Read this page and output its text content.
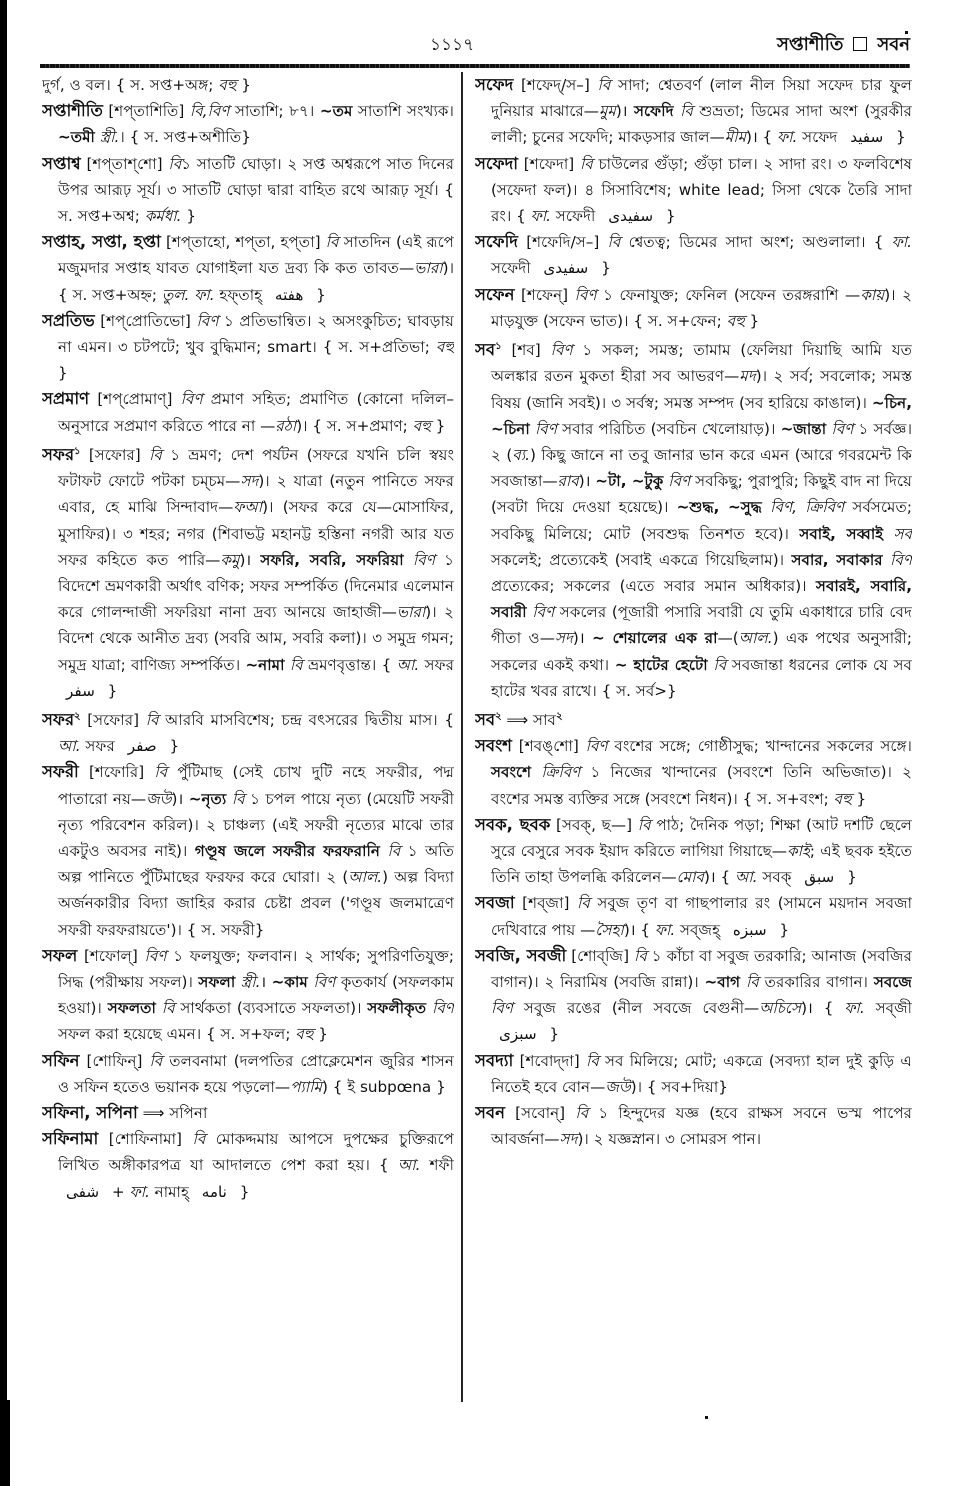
১১১৭	সপ্তাশীতি সবন

দুর্গ, ও বল। { স. সপ্ত+অঙ্গ; বহু }

সপ্তাশীতি [শপ্‌তাশিতি] বি,বিণ সাতাশি; ৮৭। ~তম সাতাশি সংখ্যক। ~তমী স্ত্রী.। { স. সপ্ত+অশীতি}

সপ্তাশ্ব [শপ্‌তাশ্‌শো] বি১ সাতটি ঘোড়া। ২ সপ্ত অশ্বরূপে সাত দিনের উপর আরূঢ় সূর্য। ৩ সাতটি ঘোড়া দ্বারা বাহিত রথে আরূঢ় সূর্য। { স. সপ্ত+অশ্ব; কর্মধা. }

সপ্তাহ, সপ্তা, হপ্তা [শপ্‌তাহো, শপ্‌তা, হপ্‌তা] বি সাতদিন (এই রূপে মজুমদার সপ্তাহ যাবত যোগাইলা যত দ্রব্য কি কত তাবত—ভারা)। { স. সপ্ত+অহ্ন; তুল. ফা. হফ্‌তাহ্‌ هفته }

সপ্রতিভ [শপ্‌প্রোতিভো] বিণ ১ প্রতিভান্বিত। ২ অসংকুচিত; ঘাবড়ায় না এমন। ৩ চটপটে; খুব বুদ্ধিমান; smart। { স. স+প্রতিভা; বহু }

সপ্রমাণ [শপ্‌প্রোমাণ্‌] বিণ প্রমাণ সহিত; প্রমাণিত (কোনো দলিল–অনুসারে সপ্রমাণ করিতে পারে না —রঠা)। { স. স+প্রমাণ; বহু }

সফর$^১$ [সফোর] বি ১ ভ্রমণ; দেশ পর্যটন (সফরে যখনি চলি স্বয়ং ফটাফট ফোটে পটকা চম্‌চম—সদ)। ২ যাত্রা (নতুন পানিতে সফর এবার, হে মাঝি সিন্দাবাদ—ফআ)। (সফর করে যে—মোসাফির, মুসাফির)। ৩ শহর; নগর (শিবাভট্ট মহানট্ট হস্তিনা নগরী আর যত সফর কহিতে কত পারি—কমু)। সফরি, সবরি, সফরিয়া বিণ ১ বিদেশে ভ্রমণকারী অর্থাৎ বণিক; সফর সম্পর্কিত (দিনেমার এলেমান করে গোলন্দাজী সফরিয়া নানা দ্রব্য আনয়ে জাহাজী—ভারা)। ২ বিদেশ থেকে আনীত দ্রব্য (সবরি আম, সবরি কলা)। ৩ সমুদ্র গমন; সমুদ্র যাত্রা; বাণিজ্য সম্পর্কিত। ~নামা বি ভ্রমণবৃত্তান্ত। { আ. সফর سفر }

সফর$^২$ [সফোর] বি আরবি মাসবিশেষ; চন্দ্র বৎসরের দ্বিতীয় মাস। { আ. সফর صفر }

সফরী [শফোরি] বি পুঁটিমাছ (সেই চোখ দুটি নহে সফরীর, পদ্ম পাতারো নয়—জউ)। ~নৃত্য বি ১ চপল পায়ে নৃত্য (মেয়েটি সফরী নৃত্য পরিবেশন করিল)। ২ চাঞ্চল্য (এই সফরী নৃত্যের মাঝে তার একটুও অবসর নাই)। গণ্ডূষ জলে সফরীর ফরফরানি বি ১ অতি অল্প পানিতে পুঁটিমাছের ফরফর করে ঘোরা। ২ (আল.) অল্প বিদ্যা অর্জনকারীর বিদ্যা জাহির করার চেষ্টা প্রবল ('গণ্ডূষ জলমাত্রেণ সফরী ফরফরায়তে')। { স. সফরী}

সফল [শফোল্‌] বিণ ১ ফলযুক্ত; ফলবান। ২ সার্থক; সুপরিণতিযুক্ত; সিদ্ধ (পরীক্ষায় সফল)। সফলা স্ত্রী.। ~কাম বিণ কৃতকার্য (সফলকাম হওয়া)। সফলতা বি সার্থকতা (ব্যবসাতে সফলতা)। সফলীকৃত বিণ সফল করা হয়েছে এমন। { স. স+ফল; বহু }

সফিন [শোফিন্‌] বি তলবনামা (দলপতির প্রোক্লেমেশন জুরির শাসন ও সফিন হতেও ভয়ানক হয়ে পড়লো—প্যামি) { ই subpœna }

সফিনা, সপিনা ⟹ সপিনা

সফিনামা [শোফিনামা] বি মোকদ্দমায় আপসে দুপক্ষের চুক্তিরূপে লিখিত অঙ্গীকারপত্র যা আদালতে পেশ করা হয়। { আ. শফী شفی + ফা. নামাহ্‌ نامه }

সফেদ [শফেদ্‌/স–] বি সাদা; শ্বেতবর্ণ (লাল নীল সিয়া সফেদ চার ফুল দুনিয়ার মাঝারে—মুম)। সফেদি বি শুভ্রতা; ডিমের সাদা অংশ (সুরকীর লালী; চুনের সফেদি; মাকড়সার জাল—মীম)। { ফা. সফেদ سفید }

সফেদা [শফেদা] বি চাউলের গুঁড়া; গুঁড়া চাল। ২ সাদা রং। ৩ ফলবিশেষ (সফেদা ফল)। ৪ সিসাবিশেষ; white lead; সিসা থেকে তৈরি সাদা রং। { ফা. সফেদী سفیدی }

সফেদি [শফেদি/স–] বি শ্বেতত্ব; ডিমের সাদা অংশ; অণ্ডলালা। { ফা. সফেদী سفیدی }

সফেন [শফেন্‌] বিণ ১ ফেনাযুক্ত; ফেনিল (সফেন তরঙ্গরাশি —কায়)। ২ মাড়যুক্ত (সফেন ভাত)। { স. স+ফেন; বহু }

সব$^১$ [শব] বিণ ১ সকল; সমস্ত; তামাম (ফেলিয়া দিয়াছি আমি যত অলঙ্কার রতন মুকতা হীরা সব আভরণ—মদ)। ২ সর্ব; সবলোক; সমস্ত বিষয় (জানি সবই)। ৩ সর্বস্ব; সমস্ত সম্পদ (সব হারিয়ে কাঙাল)। ~চিন, ~চিনা বিণ সবার পরিচিত (সবচিন খেলোয়াড়)। ~জান্তা বিণ ১ সর্বজ্ঞ। ২ (ব্য.) কিছু জানে না তবু জানার ভান করে এমন (আরে গবরমেন্ট কি সবজান্তা—রাব)। ~টা, ~টুকু বিণ সবকিছু; পুরাপুরি; কিছুই বাদ না দিয়ে (সবটা দিয়ে দেওয়া হয়েছে)। ~শুদ্ধ, ~সুদ্ধ বিণ, ক্রিবিণ সর্বসমেত; সবকিছু মিলিয়ে; মোট (সবশুদ্ধ তিনশত হবে)। সবাই, সব্বাই সর্ব সকলেই; প্রত্যেকেই (সবাই একত্রে গিয়েছিলাম)। সবার, সবাকার বিণ প্রত্যেকের; সকলের (এতে সবার সমান অধিকার)। সবারই, সবারি, সবারী বিণ সকলের (পূজারী পসারি সবারী যে তুমি একাধারে চারি বেদ গীতা ও—সদ)। ~ শেয়ালের এক রা—(আল.) এক পথের অনুসারী; সকলের একই কথা। ~ হাটের হেটো বি সবজান্তা ধরনের লোক যে সব হাটের খবর রাখে। { স. সর্ব>}

সব$^২$ ⟹ সাব$^২$

সবংশ [শবঙ্‌শো] বিণ বংশের সঙ্গে; গোষ্ঠীসুদ্ধ; খান্দানের সকলের সঙ্গে। সবংশে ক্রিবিণ ১ নিজের খান্দানের (সবংশে তিনি অভিজাত)। ২ বংশের সমস্ত ব্যক্তির সঙ্গে (সবংশে নিধন)। { স. স+বংশ; বহু }

সবক, ছবক [সবক্‌, ছ—] বি পাঠ; দৈনিক পড়া; শিক্ষা (আট দশটি ছেলে সুরে বেসুরে সবক ইয়াদ করিতে লাগিয়া গিয়াছে—কাই; এই ছবক হইতে তিনি তাহা উপলব্ধি করিলেন—মোব)। { আ. সবক্‌ سبق }

সবজা [শব্‌জা] বি সবুজ তৃণ বা গাছপালার রং (সামনে ময়দান সবজা দেখিবারে পায় —সৈহা)। { ফা. সব্‌জহ্‌ سبزه }

সবজি, সবজী [শোব্‌জি] বি ১ কাঁচা বা সবুজ তরকারি; আনাজ (সবজির বাগান)। ২ নিরামিষ (সবজি রান্না)। ~বাগ বি তরকারির বাগান। সবজে বিণ সবুজ রঙের (নীল সবজে বেগুনী—অচিসে)। { ফা. সব্‌জী سبزی }

সবদ্যা [শবোদ্‌দা] বি সব মিলিয়ে; মোট; একত্রে (সবদ্যা হাল দুই কুড়ি এ নিতেই হবে বোন—জউ)। { সব+দিয়া}

সবন [সবোন্‌] বি ১ হিন্দুদের যজ্ঞ (হবে রাক্ষস সবনে ভস্ম পাপের আবর্জনা—সদ)। ২ যজ্ঞস্নান। ৩ সোমরস পান।
